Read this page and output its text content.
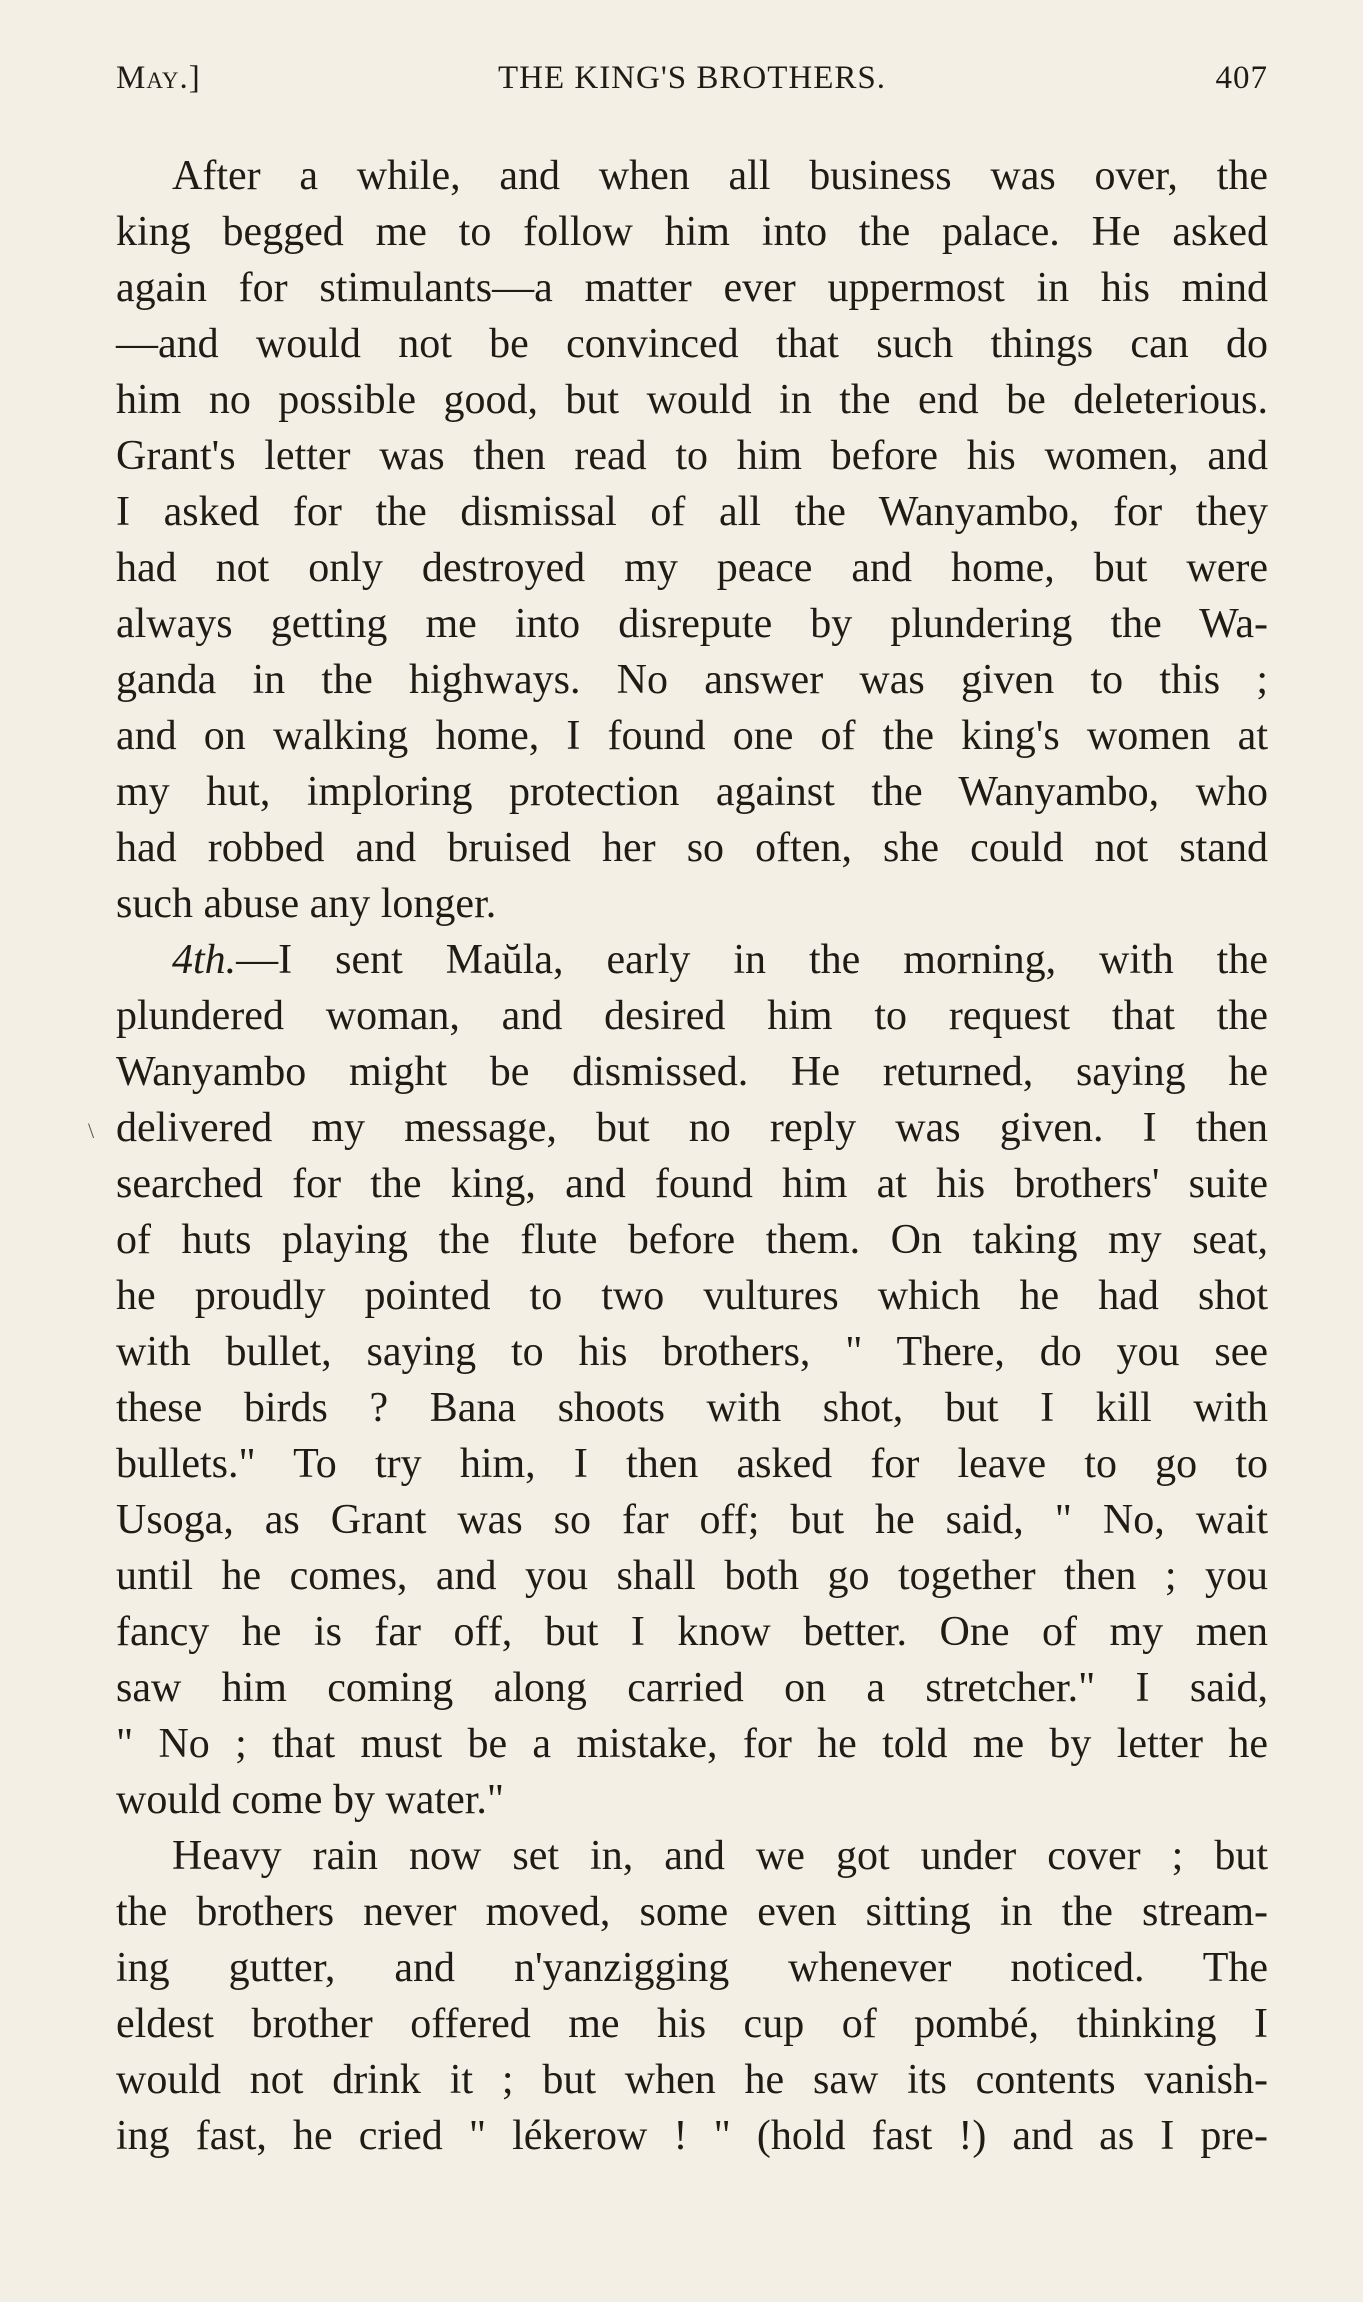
May.]	THE KING'S BROTHERS.	407
\
After a while, and when all business was over, the
king begged me to follow him into the palace. He asked
again for stimulants—a matter ever uppermost in his mind
—and would not be convinced that such things can do
him no possible good, but would in the end be deleterious.
Grant's letter was then read to him before his women, and
I asked for the dismissal of all the Wanyambo, for they
had not only destroyed my peace and home, but were
always getting me into disrepute by plundering the Wa-
ganda in the highways. No answer was given to this ;
and on walking home, I found one of the king's women at
my hut, imploring protection against the Wanyambo, who
had robbed and bruised her so often, she could not stand
such abuse any longer.
4th.—I sent Maŭla, early in the morning, with the
plundered woman, and desired him to request that the
Wanyambo might be dismissed. He returned, saying he
delivered my message, but no reply was given. I then
searched for the king, and found him at his brothers' suite
of huts playing the flute before them. On taking my seat,
he proudly pointed to two vultures which he had shot
with bullet, saying to his brothers, " There, do you see
these birds ? Bana shoots with shot, but I kill with
bullets." To try him, I then asked for leave to go to
Usoga, as Grant was so far off; but he said, " No, wait
until he comes, and you shall both go together then ; you
fancy he is far off, but I know better. One of my men
saw him coming along carried on a stretcher." I said,
" No ; that must be a mistake, for he told me by letter he
would come by water."
Heavy rain now set in, and we got under cover ; but
the brothers never moved, some even sitting in the stream-
ing gutter, and n'yanzigging whenever noticed. The
eldest brother offered me his cup of pombé, thinking I
would not drink it ; but when he saw its contents vanish-
ing fast, he cried " lékerow ! " (hold fast !) and as I pre-
